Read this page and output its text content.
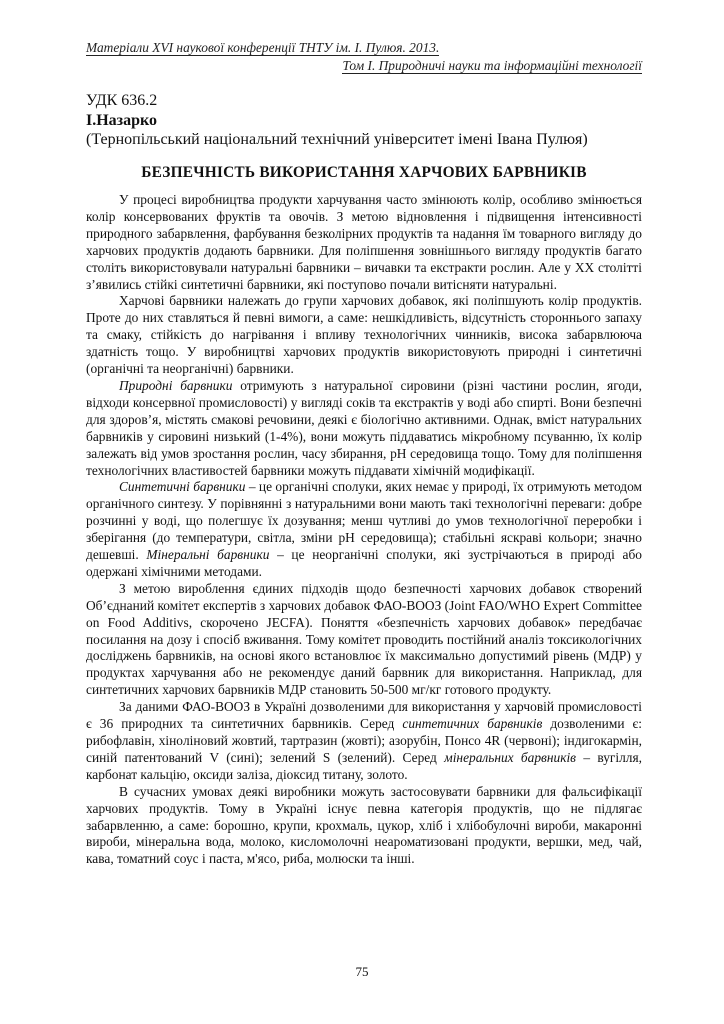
Матеріали XVІ наукової конференції ТНТУ ім. І. Пулюя. 2013.
Том І. Природничі науки та інформаційні технології
УДК 636.2
І.Назарко
(Тернопільський національний технічний університет імені Івана Пулюя)
БЕЗПЕЧНІСТЬ ВИКОРИСТАННЯ ХАРЧОВИХ БАРВНИКІВ

У процесі виробництва продукти харчування часто змінюють колір, особливо змінюється колір консервованих фруктів та овочів. З метою відновлення і підвищення інтенсивності природного забарвлення, фарбування безколірних продуктів та надання їм товарного вигляду до харчових продуктів додають барвники. Для поліпшення зовнішнього вигляду продуктів багато століть використовували натуральні барвники – вичавки та екстракти рослин. Але у XX столітті з’явились стійкі синтетичні барвники, які поступово почали витісняти натуральні.

Харчові барвники належать до групи харчових добавок, які поліпшують колір продуктів. Проте до них ставляться й певні вимоги, а саме: нешкідливість, відсутність стороннього запаху та смаку, стійкість до нагрівання і впливу технологічних чинників, висока забарвлююча здатність тощо. У виробництві харчових продуктів використовують природні і синтетичні (органічні та неорганічні) барвники.

Природні барвники отримують з натуральної сировини (різні частини рослин, ягоди, відходи консервної промисловості) у вигляді соків та екстрактів у воді або спирті. Вони безпечні для здоров’я, містять смакові речовини, деякі є біологічно активними. Однак, вміст натуральних барвників у сировині низький (1-4%), вони можуть піддаватись мікробному псуванню, їх колір залежать від умов зростання рослин, часу збирання, pH середовища тощо. Тому для поліпшення технологічних властивостей барвники можуть піддавати хімічній модифікації.

Синтетичні барвники – це органічні сполуки, яких немає у природі, їх отримують методом органічного синтезу. У порівнянні з натуральними вони мають такі технологічні переваги: добре розчинні у воді, що полегшує їх дозування; менш чутливі до умов технологічної переробки і зберігання (до температури, світла, зміни pH середовища); стабільні яскраві кольори; значно дешевші. Мінеральні барвники – це неорганічні сполуки, які зустрічаються в природі або одержані хімічними методами.

З метою вироблення єдиних підходів щодо безпечності харчових добавок створений Об’єднаний комітет експертів з харчових добавок ФАО-ВООЗ (Joint FAO/WHO Expert Committee on Food Additivs, скорочено JECFA). Поняття «безпечність харчових добавок» передбачає посилання на дозу і спосіб вживання. Тому комітет проводить постійний аналіз токсикологічних досліджень барвників, на основі якого встановлює їх максимально допустимий рівень (МДР) у продуктах харчування або не рекомендує даний барвник для використання. Наприклад, для синтетичних харчових барвників МДР становить 50-500 мг/кг готового продукту.

За даними ФАО-ВООЗ в Україні дозволеними для використання у харчовій промисловості є 36 природних та синтетичних барвників. Серед синтетичних барвників дозволеними є: рибофлавін, хінoліновий жовтий, тартразин (жовті); азорубін, Понсо 4R (червоні); індигокармін, синій патентований V (сині); зелений S (зелений). Серед мінеральних барвників – вугілля, карбонат кальцію, оксиди заліза, діоксид титану, золото.

В сучасних умовах деякі виробники можуть застосовувати барвники для фальсифікації харчових продуктів. Тому в Україні існує певна категорія продуктів, що не підлягає забарвленню, а саме: борошно, крупи, крохмаль, цукор, хліб і хлібобулочні вироби, макаронні вироби, мінеральна вода, молоко, кисломолочні неароматизовані продукти, вершки, мед, чай, кава, томатний соус і паста, м'ясо, риба, молюски та інші.

75
